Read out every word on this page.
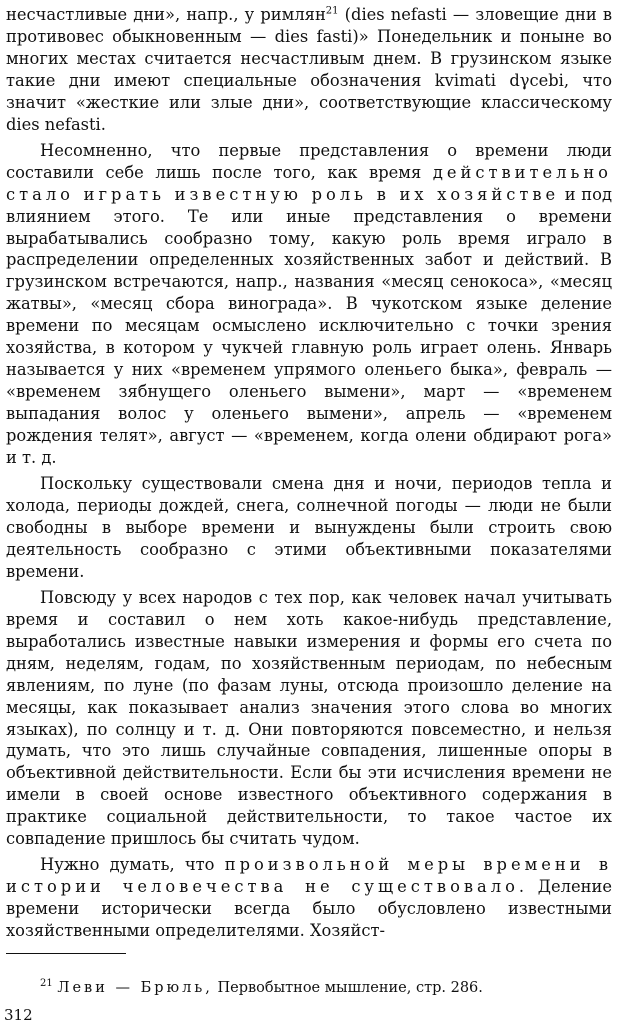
несчастливые дни», напр., у римлян$^{21}$ (dies nefasti — зловещие дни в противовес обыкновенным — dies fasti)» Понедельник и поныне во многих местах считается несчастливым днем. В грузинском языке такие дни имеют специальные обозначения kvimati dγcebi, что значит «жесткие или злые дни», соответствующие классическому dies nefasti.

Несомненно, что первые представления о времени люди составили себе лишь после того, как время действительно стало играть известную роль в их хозяйстве и под влиянием этого. Те или иные представления о времени вырабатывались сообразно тому, какую роль время играло в распределении определенных хозяйственных забот и действий. В грузинском встречаются, напр., названия «месяц сенокоса», «месяц жатвы», «месяц сбора винограда». В чукотском языке деление времени по месяцам осмыслено исключительно с точки зрения хозяйства, в котором у чукчей главную роль играет олень. Январь называется у них «временем упрямого оленьего быка», февраль — «временем зябнущего оленьего вымени», март — «временем выпадания волос у оленьего вымени», апрель — «временем рождения телят», август — «временем, когда олени обдирают рога» и т. д.

Поскольку существовали смена дня и ночи, периодов тепла и холода, периоды дождей, снега, солнечной погоды — люди не были свободны в выборе времени и вынуждены были строить свою деятельность сообразно с этими объективными показателями времени.

Повсюду у всех народов с тех пор, как человек начал учитывать время и составил о нем хоть какое-нибудь представление, выработались известные навыки измерения и формы его счета по дням, неделям, годам, по хозяйственным периодам, по небесным явлениям, по луне (по фазам луны, отсюда произошло деление на месяцы, как показывает анализ значения этого слова во многих языках), по солнцу и т. д. Они повторяются повсеместно, и нельзя думать, что это лишь случайные совпадения, лишенные опоры в объективной действительности. Если бы эти исчисления времени не имели в своей основе известного объективного содержания в практике социальной действительности, то такое частое их совпадение пришлось бы считать чудом.

Нужно думать, что произвольной меры времени в истории человечества не существовало. Деление времени исторически всегда было обусловлено известными хозяйственными определителями. Хозяйст-

$^{21}$ Леви — Брюль, Первобытное мышление, стр. 286.
312
